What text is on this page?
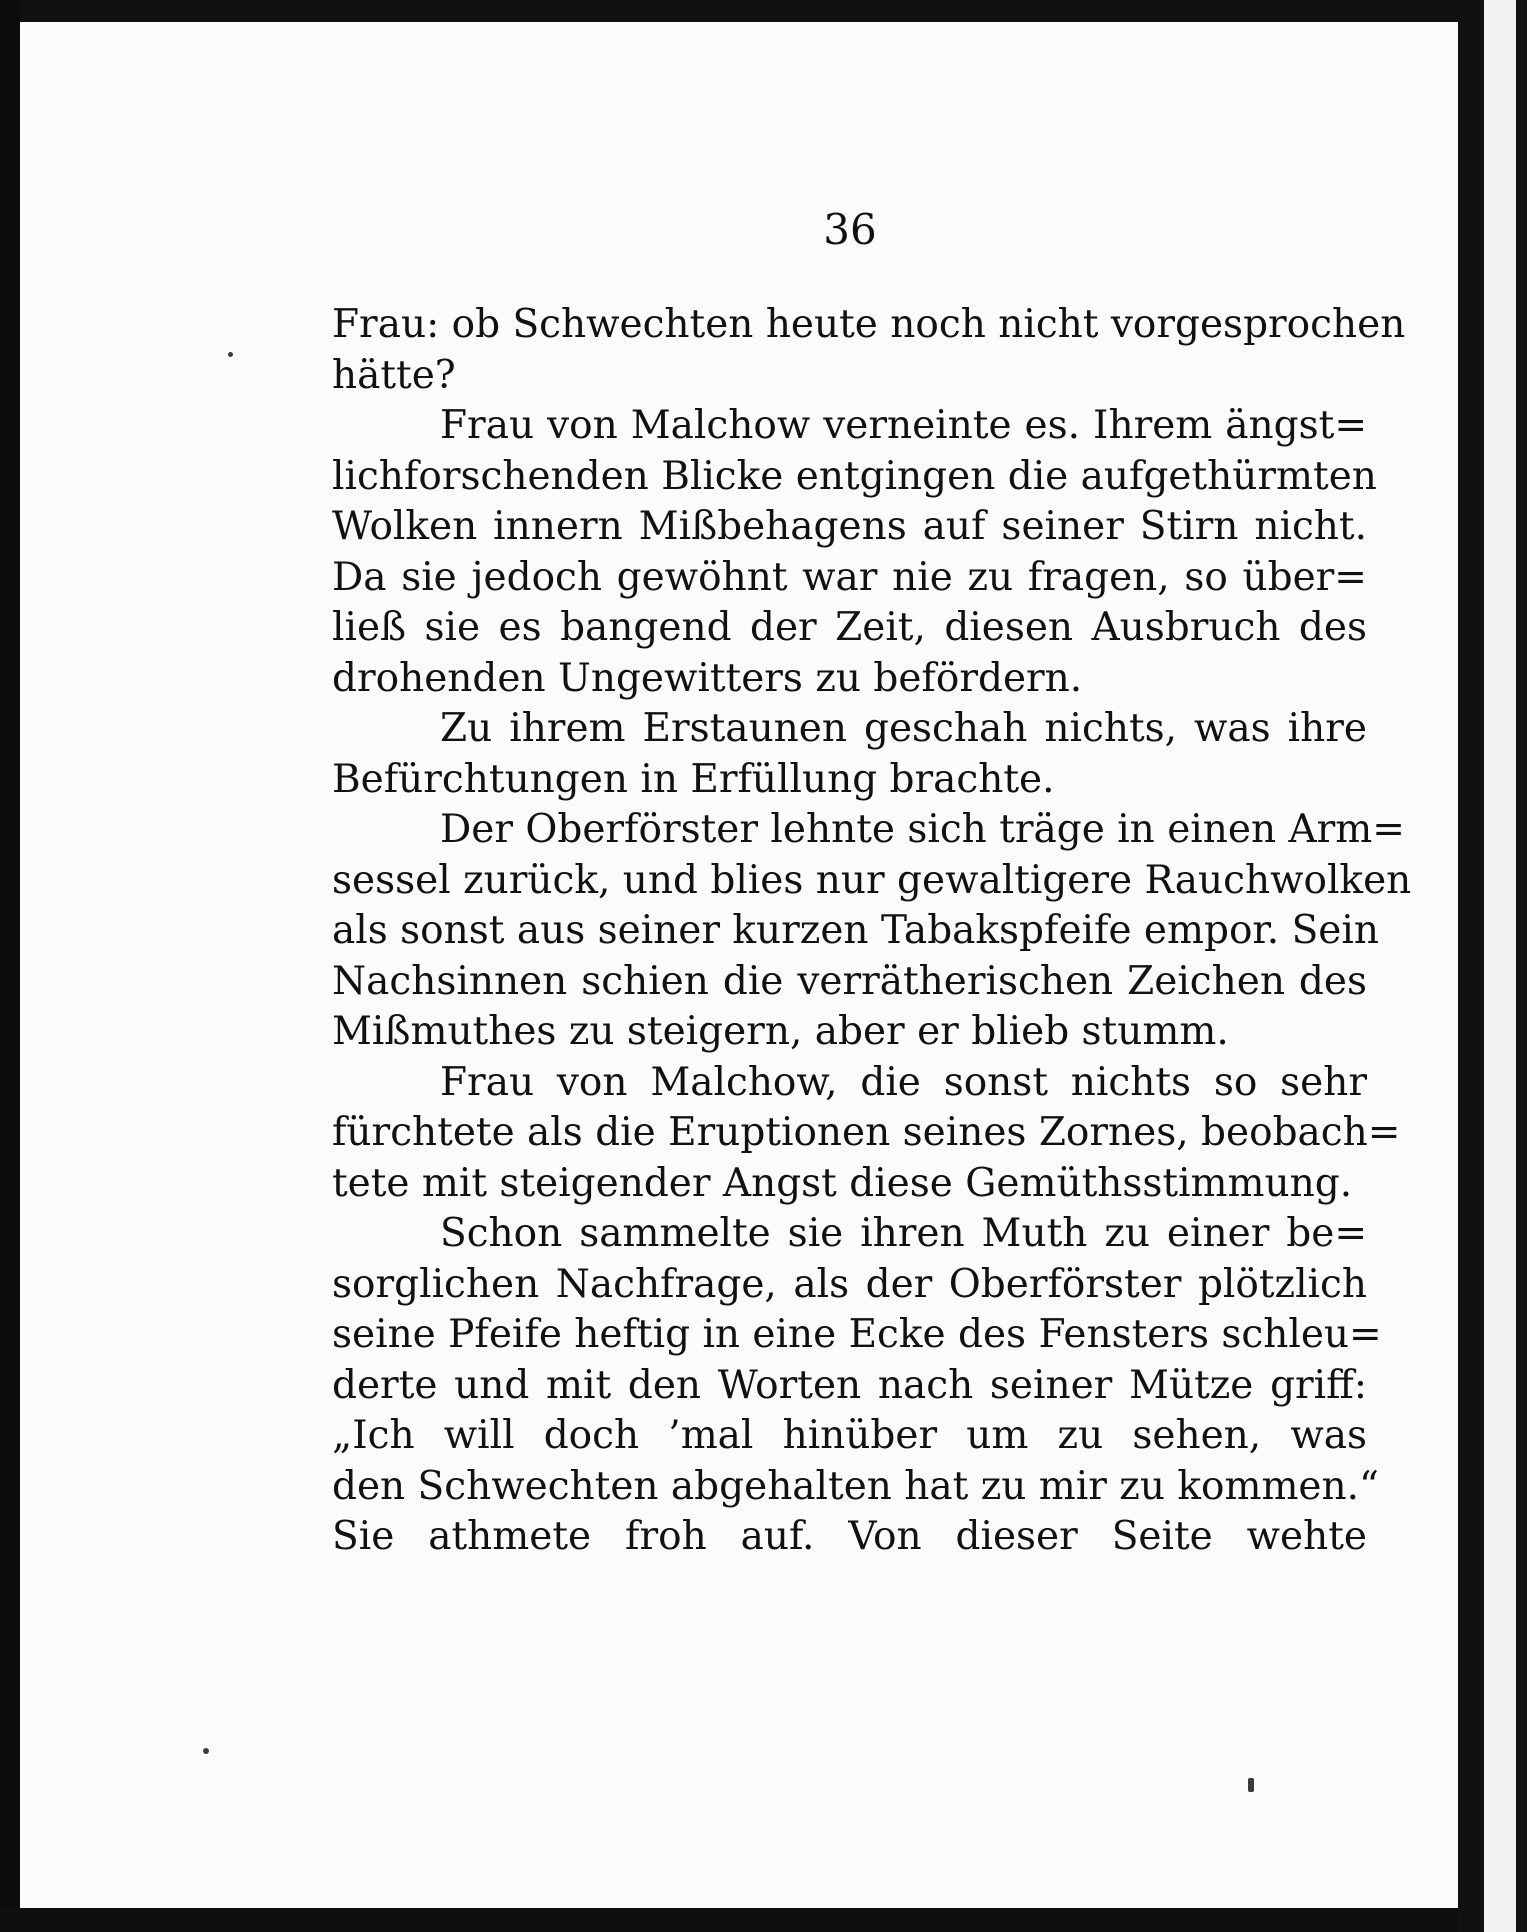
36
Frau: ob Schwechten heute noch nicht vorgesprochen
hätte?
Frau von Malchow verneinte es. Ihrem ängst=
lichforschenden Blicke entgingen die aufgethürmten
Wolken innern Mißbehagens auf seiner Stirn nicht.
Da sie jedoch gewöhnt war nie zu fragen, so über=
ließ sie es bangend der Zeit, diesen Ausbruch des
drohenden Ungewitters zu befördern.
Zu ihrem Erstaunen geschah nichts, was ihre
Befürchtungen in Erfüllung brachte.
Der Oberförster lehnte sich träge in einen Arm=
sessel zurück, und blies nur gewaltigere Rauchwolken
als sonst aus seiner kurzen Tabakspfeife empor. Sein
Nachsinnen schien die verrätherischen Zeichen des
Mißmuthes zu steigern, aber er blieb stumm.
Frau von Malchow, die sonst nichts so sehr
fürchtete als die Eruptionen seines Zornes, beobach=
tete mit steigender Angst diese Gemüthsstimmung.
Schon sammelte sie ihren Muth zu einer be=
sorglichen Nachfrage, als der Oberförster plötzlich
seine Pfeife heftig in eine Ecke des Fensters schleu=
derte und mit den Worten nach seiner Mütze griff:
„Ich will doch ’mal hinüber um zu sehen, was
den Schwechten abgehalten hat zu mir zu kommen.“
Sie athmete froh auf. Von dieser Seite wehte
